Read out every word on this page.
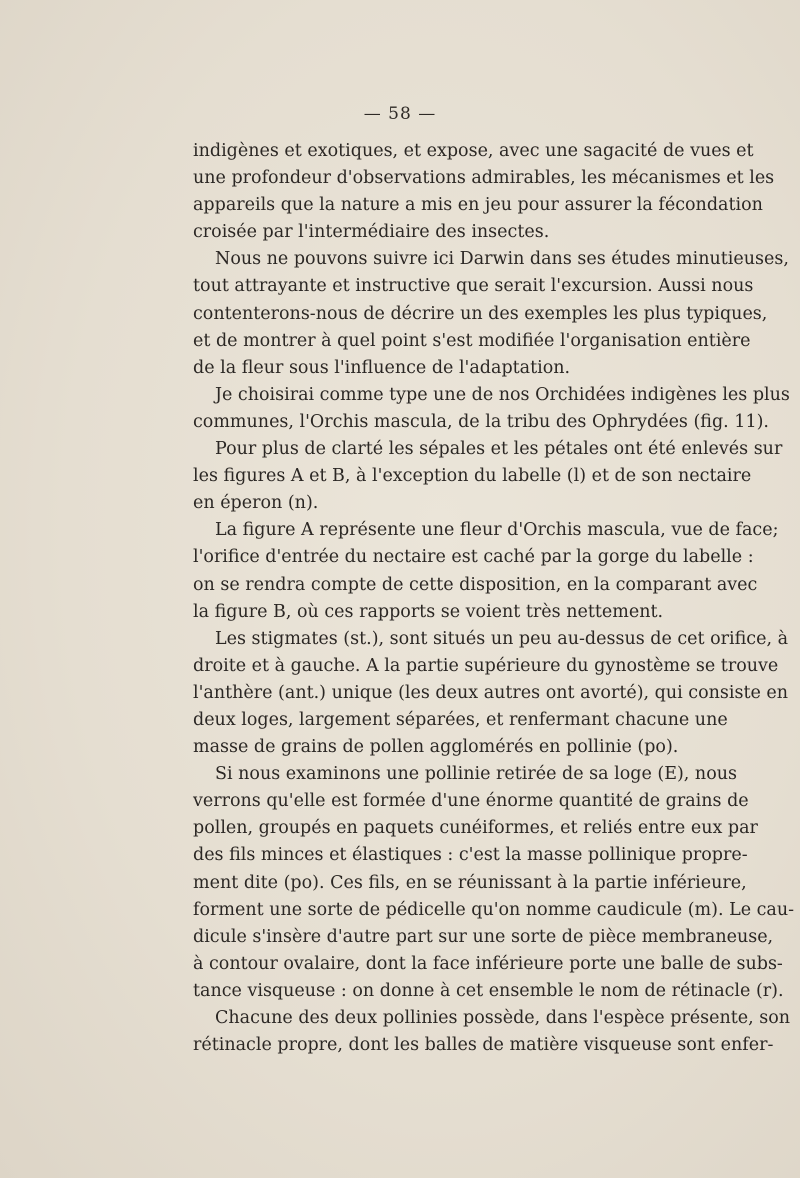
— 58 —
indigènes et exotiques, et expose, avec une sagacité de vues et
une profondeur d'observations admirables, les mécanismes et les
appareils que la nature a mis en jeu pour assurer la fécondation
croisée par l'intermédiaire des insectes.
Nous ne pouvons suivre ici Darwin dans ses études minutieuses,
tout attrayante et instructive que serait l'excursion. Aussi nous
contenterons-nous de décrire un des exemples les plus typiques,
et de montrer à quel point s'est modifiée l'organisation entière
de la fleur sous l'influence de l'adaptation.
Je choisirai comme type une de nos Orchidées indigènes les plus
communes, l'Orchis mascula, de la tribu des Ophrydées (fig. 11).
Pour plus de clarté les sépales et les pétales ont été enlevés sur
les figures A et B, à l'exception du labelle (l) et de son nectaire
en éperon (n).
La figure A représente une fleur d'Orchis mascula, vue de face;
l'orifice d'entrée du nectaire est caché par la gorge du labelle :
on se rendra compte de cette disposition, en la comparant avec
la figure B, où ces rapports se voient très nettement.
Les stigmates (st.), sont situés un peu au-dessus de cet orifice, à
droite et à gauche. A la partie supérieure du gynostème se trouve
l'anthère (ant.) unique (les deux autres ont avorté), qui consiste en
deux loges, largement séparées, et renfermant chacune une
masse de grains de pollen agglomérés en pollinie (po).
Si nous examinons une pollinie retirée de sa loge (E), nous
verrons qu'elle est formée d'une énorme quantité de grains de
pollen, groupés en paquets cunéiformes, et reliés entre eux par
des fils minces et élastiques : c'est la masse pollinique propre-
ment dite (po). Ces fils, en se réunissant à la partie inférieure,
forment une sorte de pédicelle qu'on nomme caudicule (m). Le cau-
dicule s'insère d'autre part sur une sorte de pièce membraneuse,
à contour ovalaire, dont la face inférieure porte une balle de subs-
tance visqueuse : on donne à cet ensemble le nom de rétinacle (r).
Chacune des deux pollinies possède, dans l'espèce présente, son
rétinacle propre, dont les balles de matière visqueuse sont enfer-
